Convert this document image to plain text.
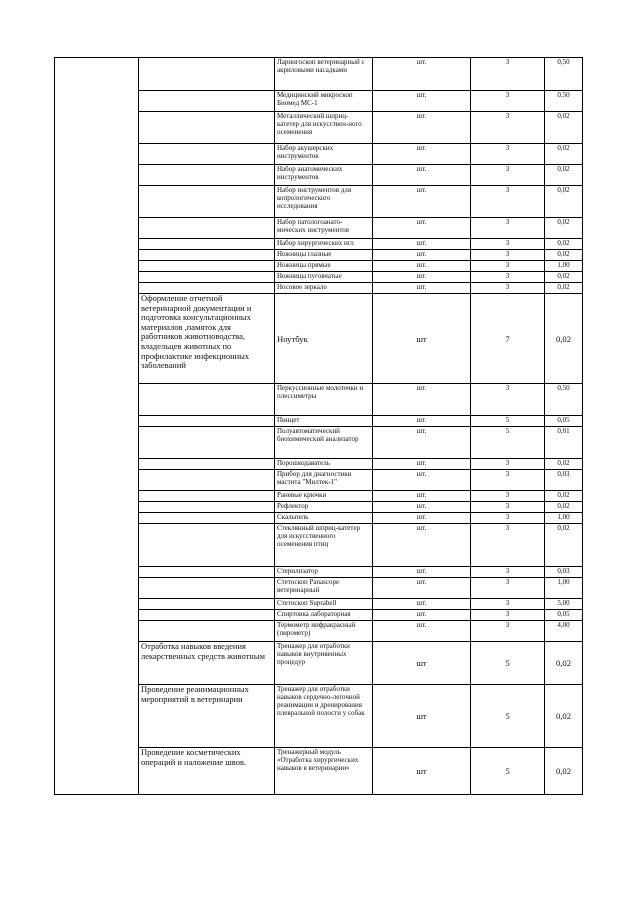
		Ларингоскоп ветеринарный с акриловыми насадками	шт.	3	0,50
		Медицинский микроскоп Биомед МС-1	шт.	3	0,50
		Металлический шприц-катетер для искусствен-ного осеменения	шт.	3	0,02
		Набор акушерских инструментов	шт.	3	0,02
		Набор анатомических инструментов	шт.	3	0,02
		Набор инструментов для копрологического исследования	шт.	3	0,02
		Набор патологоанато-мических инструментов	шт.	3	0,02
		Набор хирургических игл	шт.	3	0,02
		Ножницы глазные	шт.	3	0,02
		Ножницы прямые	шт.	3	1,00
		Ножницы пуговчатые	шт.	3	0,02
		Носовое зеркало	шт.	3	0,02
	Оформление отчетной ветеринарной документации и подготовка консультационных материалов ,памяток для работников животноводства, владельцев животных по профилактике инфекционных заболеваний	Ноутбук	шт	7	0,02
		Перкуссионные молоточки и плессиметры	шт.	3	0,50
		Пинцет	шт.	5	0,05
		Полуавтоматический биохимический анализатор	шт.	5	0,01
		Порошкодаватель	шт.	3	0,02
		Прибор для диагностики мастита "Милтек-1"	шт.	3	0,03
		Раневые крючки	шт.	3	0,02
		Рефлектор	шт.	3	0,02
		Скальпель	шт.	3	1,00
		Стеклянный шприц-катетер для искусственного осеменения птиц	шт.	3	0,02
		Стерилизатор	шт.	3	0,03
		Стетоскоп Panascope ветеринарный	шт.	3	1,00
		Стетоскоп Suprabell	шт.	3	5,00
		Спиртовка лабораторная	шт.	3	0,05
		Термометр инфракрасный (пирометр)	шт.	3	4,00
	Отработка навыков введения лекарственных средств животным	Тренажер для отработки навыков внутривенных процедур	шт	5	0,02
	Проведение реанимационных мероприятий в ветеринарии	Тренажер для отработки навыков сердечно-легочной реанимации и дренирования плевральной полости у собак	шт	5	0,02
	Проведение косметических операций и наложение швов.	Тренажерный модуль «Отработка хирургических навыков в ветеринарии»	шт	5	0,02
